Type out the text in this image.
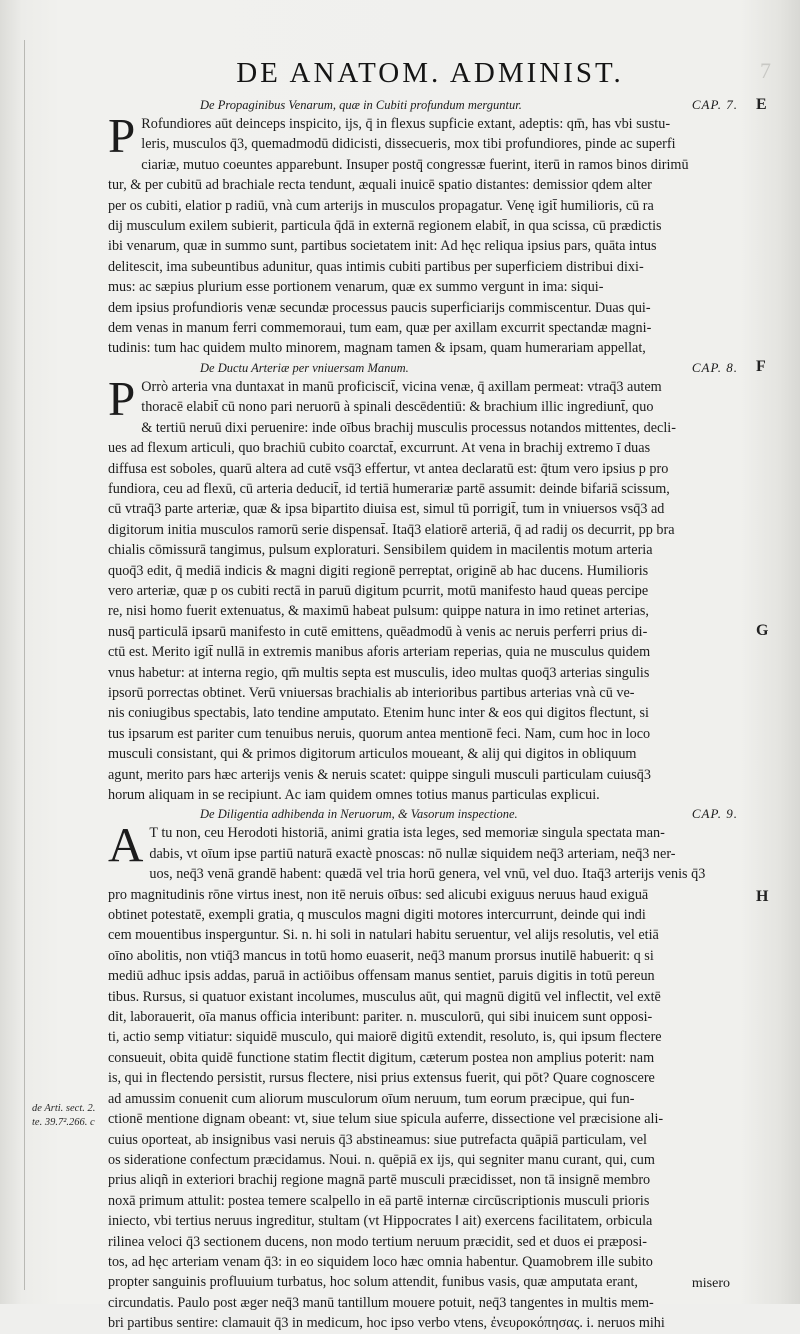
7
DE ANATOM. ADMINIST.
De Propaginibus Venarum, quæ in Cubiti profundum merguntur.	CAP. 7.
P Rofundiores aūt deinceps inspicito, ijs, q̄ in flexus supficie extant, adeptis: qm̄, has vbi sustu-
leris, musculos q̄3, quemadmodū didicisti, dissecueris, mox tibi profundiores, pinde ac superfi
ciariæ, mutuo coeuntes apparebunt. Insuper postq̄ congressæ fuerint, iterū in ramos binos dirimū
tur, & per cubitū ad brachiale recta tendunt, æquali inuicē spatio distantes: demissior qdem alter
per os cubiti, elatior p radiū, vnà cum arterijs in musculos propagatur. Venę igit̄ humilioris, cū ra
dij musculum exilem subierit, particula q̄dā in externā regionem elabit̄, in qua scissa, cū prædictis
ibi venarum, quæ in summo sunt, partibus societatem init: Ad hęc reliqua ipsius pars, quāta intus
delitescit, ima subeuntibus adunitur, quas intimis cubiti partibus per superficiem distribui dixi-
mus: ac sæpius plurium esse portionem venarum, quæ ex summo vergunt in ima: siqui-
dem ipsius profundioris venæ secundæ processus paucis superficiarijs commiscentur. Duas qui-
dem venas in manum ferri commemoraui, tum eam, quæ per axillam excurrit spectandæ magni-
tudinis: tum hac quidem multo minorem, magnam tamen & ipsam, quam humerariam appellat,
De Ductu Arteriæ per vniuersam Manum.	CAP. 8.
P Orrò arteria vna duntaxat in manū proficiscit̄, vicina venæ, q̄ axillam permeat: vtraq̄3 autem
thoracē elabit̄ cū nono pari neruorū à spinali descēdentiū: & brachium illic ingrediunt̄, quo
& tertiū neruū dixi peruenire: inde oībus brachij musculis processus notandos mittentes, decli-
ues ad flexum articuli, quo brachiū cubito coarctat̄, excurrunt. At vena in brachij extremo ī duas
diffusa est soboles, quarū altera ad cutē vsq̄3 effertur, vt antea declaratū est: q̄tum vero ipsius p pro
fundiora, ceu ad flexū, cū arteria deducit̄, id tertiā humerariæ partē assumit: deinde bifariā scissum,
cū vtraq̄3 parte arteriæ, quæ & ipsa bipartito diuisa est, simul tū porrigit̄, tum in vniuersos vsq̄3 ad
digitorum initia musculos ramorū serie dispensat̄. Itaq̄3 elatiorē arteriā, q̄ ad radij os decurrit, pp bra
chialis cōmissurā tangimus, pulsum exploraturi. Sensibilem quidem in macilentis motum arteria
quoq̄3 edit, q̄ mediā indicis & magni digiti regionē perreptat, originē ab hac ducens. Humilioris
vero arteriæ, quæ p os cubiti rectā in paruū digitum pcurrit, motū manifesto haud queas percipe
re, nisi homo fuerit extenuatus, & maximū habeat pulsum: quippe natura in imo retinet arterias,
nusq̄ particulā ipsarū manifesto in cutē emittens, quēadmodū à venis ac neruis perferri prius di-
ctū est. Merito igit̄ nullā in extremis manibus aforis arteriam reperias, quia ne musculus quidem
vnus habetur: at interna regio, qm̄ multis septa est musculis, ideo multas quoq̄3 arterias singulis
ipsorū porrectas obtinet. Verū vniuersas brachialis ab interioribus partibus arterias vnà cū ve-
nis coniugibus spectabis, lato tendine amputato. Etenim hunc inter & eos qui digitos flectunt, si
tus ipsarum est pariter cum tenuibus neruis, quorum antea mentionē feci. Nam, cum hoc in loco
musculi consistant, qui & primos digitorum articulos moueant, & alij qui digitos in obliquum
agunt, merito pars hæc arterijs venis & neruis scatet: quippe singuli musculi particulam cuiusq̄3
horum aliquam in se recipiunt. Ac iam quidem omnes totius manus particulas explicui.
De Diligentia adhibenda in Neruorum, & Vasorum inspectione.	CAP. 9.
A T tu non, ceu Herodoti historiā, animi gratia ista leges, sed memoriæ singula spectata man-
dabis, vt oīum ipse partiū naturā exactè pnoscas: nō nullæ siquidem neq̄3 arteriam, neq̄3 ner-
uos, neq̄3 venā grandē habent: quædā vel tria horū genera, vel vnū, vel duo. Itaq̄3 arterijs venis q̄3
pro magnitudinis rōne virtus inest, non itē neruis oībus: sed alicubi exiguus neruus haud exiguā
obtinet potestatē, exempli gratia, q musculos magni digiti motores intercurrunt, deinde qui indi
cem mouentibus insperguntur. Si. n. hi soli in natulari habitu seruentur, vel alijs resolutis, vel etiā
oīno abolitis, non vtiq̄3 mancus in totū homo euaserit, neq̄3 manum prorsus inutilē habuerit: q si
mediū adhuc ipsis addas, paruā in actiōibus offensam manus sentiet, paruis digitis in totū pereun
tibus. Rursus, si quatuor existant incolumes, musculus aūt, qui magnū digitū vel inflectit, vel extē
dit, laborauerit, oīa manus officia interibunt: pariter. n. musculorū, qui sibi inuicem sunt opposi-
ti, actio semp vitiatur: siquidē musculo, qui maiorē digitū extendit, resoluto, is, qui ipsum flectere
consueuit, obita quidē functione statim flectit digitum, cæterum postea non amplius poterit: nam
is, qui in flectendo persistit, rursus flectere, nisi prius extensus fuerit, qui pōt? Quare cognoscere
ad amussim conuenit cum aliorum musculorum oīum neruum, tum eorum præcipue, qui fun-
ctionē mentione dignam obeant: vt, siue telum siue spicula auferre, dissectione vel præcisione ali-
cuius oporteat, ab insignibus vasi neruis q̄3 abstineamus: siue putrefacta quāpiā particulam, vel
os sideratione confectum præcidamus. Noui. n. quēpiā ex ijs, qui segniter manu curant, qui, cum
prius aliqñ in exteriori brachij regione magnā partē musculi præcidisset, non tā insignē membro
noxā primum attulit: postea temere scalpello in eā partē internæ circūscriptionis musculi prioris
iniecto, vbi tertius neruus ingreditur, stultam (vt Hippocrates ‖ ait) exercens facilitatem, orbicula
rilinea veloci q̄3 sectionem ducens, non modo tertium neruum præcidit, sed et duos ei præposi-
tos, ad hęc arteriam venam q̄3: in eo siquidem loco hæc omnia habentur. Quamobrem ille subito
propter sanguinis profluuium turbatus, hoc solum attendit, funibus vasis, quæ amputata erant,
circundatis. Paulo post æger neq̄3 manū tantillum mouere potuit, neq̄3 tangentes in multis mem-
bri partibus sentire: clamauit q̄3 in medicum, hoc ipso verbo vtens, ἐνευροκόπησας. i. neruos mihi
E
F
G
H
de Arti. sect. 2.
te. 39.7².266. c
misero
